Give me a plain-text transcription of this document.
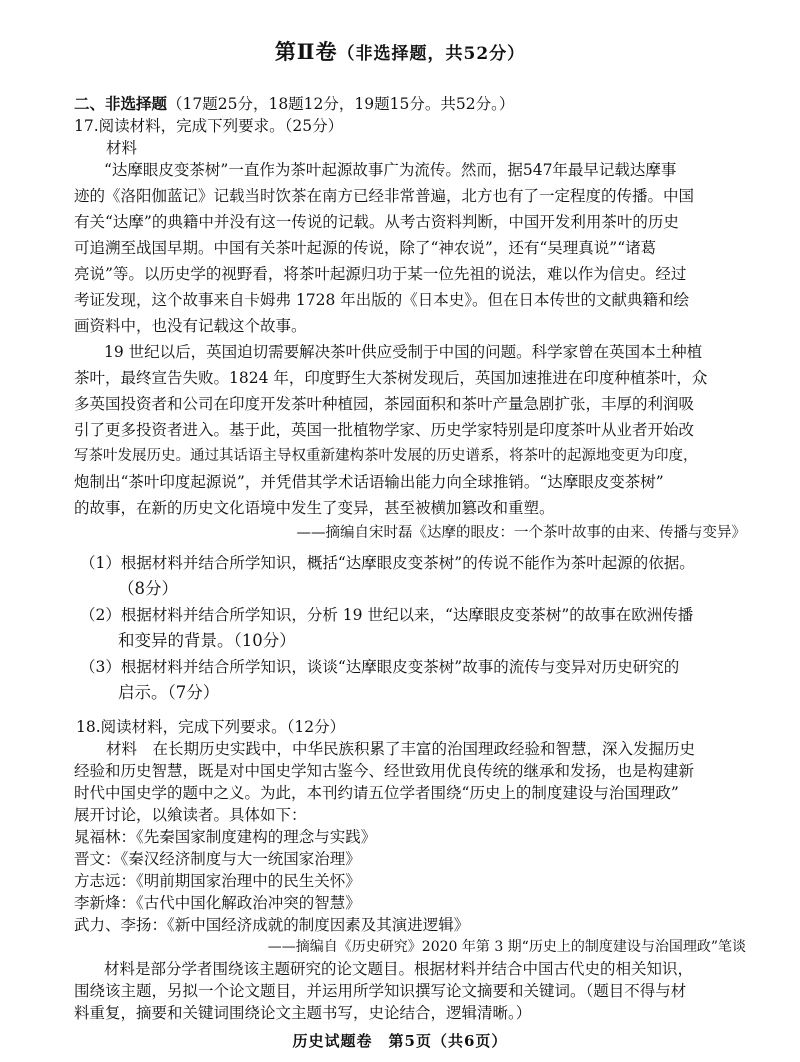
第Ⅱ卷（非选择题，共52分）
二、非选择题（17题25分，18题12分，19题15分。共52分。）
17.阅读材料，完成下列要求。（25分）
材料
“达摩眼皮变茶树”一直作为茶叶起源故事广为流传。然而，据547年最早记载达摩事
迹的《洛阳伽蓝记》记载当时饮茶在南方已经非常普遍，北方也有了一定程度的传播。中国
有关“达摩”的典籍中并没有这一传说的记载。从考古资料判断，中国开发利用茶叶的历史
可追溯至战国早期。中国有关茶叶起源的传说，除了“神农说”，还有“吴理真说”“诸葛
亮说”等。以历史学的视野看，将茶叶起源归功于某一位先祖的说法，难以作为信史。经过
考证发现，这个故事来自卡姆弗 1728 年出版的《日本史》。但在日本传世的文献典籍和绘
画资料中，也没有记载这个故事。
19 世纪以后，英国迫切需要解决茶叶供应受制于中国的问题。科学家曾在英国本土种植
茶叶，最终宣告失败。1824 年，印度野生大茶树发现后，英国加速推进在印度种植茶叶，众
多英国投资者和公司在印度开发茶叶种植园，茶园面积和茶叶产量急剧扩张，丰厚的利润吸
引了更多投资者进入。基于此，英国一批植物学家、历史学家特别是印度茶叶从业者开始改
写茶叶发展历史。通过其话语主导权重新建构茶叶发展的历史谱系，将茶叶的起源地变更为印度，
炮制出“茶叶印度起源说”，并凭借其学术话语输出能力向全球推销。“达摩眼皮变茶树”
的故事，在新的历史文化语境中发生了变异，甚至被横加篡改和重塑。
——摘编自宋时磊《达摩的眼皮：一个茶叶故事的由来、传播与变异》
（1）根据材料并结合所学知识，概括“达摩眼皮变茶树”的传说不能作为茶叶起源的依据。
（8分）
（2）根据材料并结合所学知识，分析 19 世纪以来，“达摩眼皮变茶树”的故事在欧洲传播
和变异的背景。（10分）
（3）根据材料并结合所学知识，谈谈“达摩眼皮变茶树”故事的流传与变异对历史研究的
启示。（7分）
18.阅读材料，完成下列要求。（12分）
材料　在长期历史实践中，中华民族积累了丰富的治国理政经验和智慧，深入发掘历史
经验和历史智慧，既是对中国史学知古鉴今、经世致用优良传统的继承和发扬，也是构建新
时代中国史学的题中之义。为此，本刊约请五位学者围绕“历史上的制度建设与治国理政”
展开讨论，以飨读者。具体如下：
晁福林：《先秦国家制度建构的理念与实践》
晋文：《秦汉经济制度与大一统国家治理》
方志远：《明前期国家治理中的民生关怀》
李新烽：《古代中国化解政治冲突的智慧》
武力、李扬：《新中国经济成就的制度因素及其演进逻辑》
——摘编自《历史研究》2020 年第 3 期“历史上的制度建设与治国理政”笔谈
材料是部分学者围绕该主题研究的论文题目。根据材料并结合中国古代史的相关知识，
围绕该主题，另拟一个论文题目，并运用所学知识撰写论文摘要和关键词。（题目不得与材
料重复，摘要和关键词围绕论文主题书写，史论结合，逻辑清晰。）
历史试题卷　第5页（共6页）
